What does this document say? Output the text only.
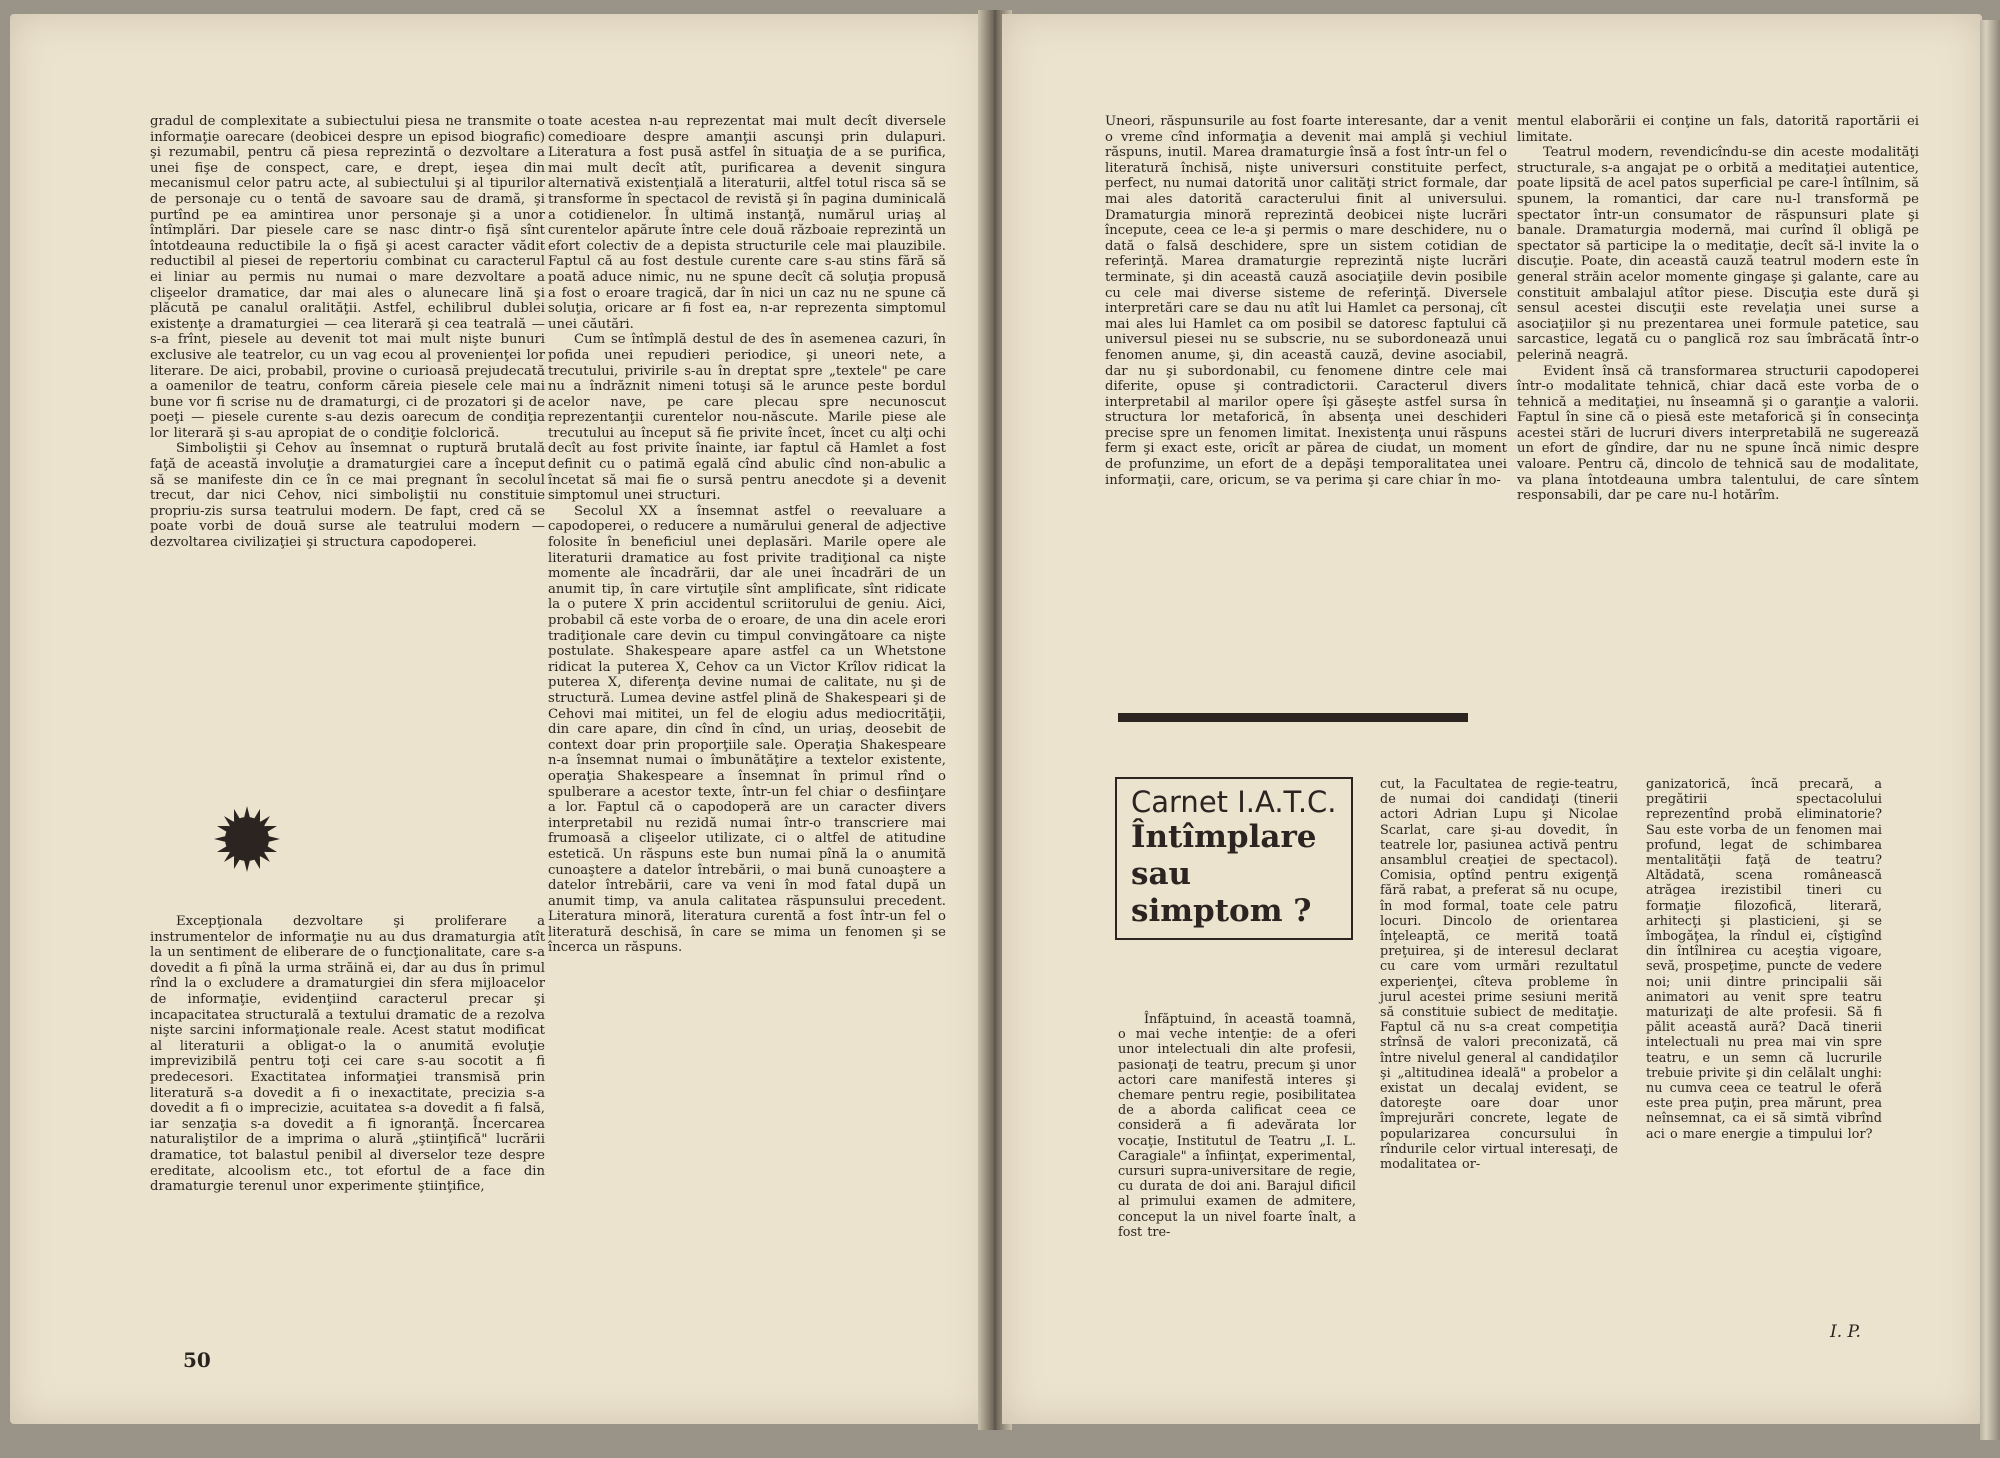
gradul de complexitate a subiectului piesa ne transmite o informaţie oarecare (deobicei despre un episod biografic) şi rezumabil, pentru că piesa reprezintă o dezvoltare a unei fişe de conspect, care, e drept, ieşea din mecanismul celor patru acte, al subiectului şi al tipurilor de personaje cu o tentă de savoare sau de dramă, şi purtînd pe ea amintirea unor personaje şi a unor întîmplări. Dar piesele care se nasc dintr-o fişă sînt întotdeauna reductibile la o fişă şi acest caracter vădit reductibil al piesei de repertoriu combinat cu caracterul ei liniar au permis nu numai o mare dezvoltare a clişeelor dramatice, dar mai ales o alunecare lină şi plăcută pe canalul oralităţii. Astfel, echilibrul dublei existenţe a dramaturgiei — cea literară şi cea teatrală — s-a frînt, piesele au devenit tot mai mult nişte bunuri exclusive ale teatrelor, cu un vag ecou al provenienţei lor literare. De aici, probabil, provine o curioasă prejudecată a oamenilor de teatru, conform căreia piesele cele mai bune vor fi scrise nu de dramaturgi, ci de prozatori şi de poeţi — piesele curente s-au dezis oarecum de condiţia lor literară şi s-au apropiat de o condiţie folclorică.

Simboliştii şi Cehov au însemnat o ruptură brutală faţă de această involuţie a dramaturgiei care a început să se manifeste din ce în ce mai pregnant în secolul trecut, dar nici Cehov, nici simboliştii nu constituie propriu-zis sursa teatrului modern. De fapt, cred că se poate vorbi de două surse ale teatrului modern — dezvoltarea civilizaţiei şi structura capodoperei.

Excepţionala dezvoltare şi proliferare a instrumentelor de informaţie nu au dus dramaturgia atît la un sentiment de eliberare de o funcţionalitate, care s-a dovedit a fi pînă la urma străină ei, dar au dus în primul rînd la o excludere a dramaturgiei din sfera mijloacelor de informaţie, evidenţiind caracterul precar şi incapacitatea structurală a textului dramatic de a rezolva nişte sarcini informaţionale reale. Acest statut modificat al literaturii a obligat-o la o anumită evoluţie imprevizibilă pentru toţi cei care s-au socotit a fi predecesori. Exactitatea informaţiei transmisă prin literatură s-a dovedit a fi o inexactitate, precizia s-a dovedit a fi o imprecizie, acuitatea s-a dovedit a fi falsă, iar senzaţia s-a dovedit a fi ignoranţă. Încercarea naturaliştilor de a imprima o alură „ştiinţifică" lucrării dramatice, tot balastul penibil al diverselor teze despre ereditate, alcoolism etc., tot efortul de a face din dramaturgie terenul unor experimente ştiinţifice,

toate acestea n-au reprezentat mai mult decît diversele comedioare despre amanţii ascunşi prin dulapuri. Literatura a fost pusă astfel în situaţia de a se purifica, mai mult decît atît, purificarea a devenit singura alternativă existenţială a literaturii, altfel totul risca să se transforme în spectacol de revistă şi în pagina duminicală a cotidienelor. În ultimă instanţă, numărul uriaş al curentelor apărute între cele două războaie reprezintă un efort colectiv de a depista structurile cele mai plauzibile. Faptul că au fost destule curente care s-au stins fără să poată aduce nimic, nu ne spune decît că soluţia propusă a fost o eroare tragică, dar în nici un caz nu ne spune că soluţia, oricare ar fi fost ea, n-ar reprezenta simptomul unei căutări.

Cum se întîmplă destul de des în asemenea cazuri, în pofida unei repudieri periodice, şi uneori nete, a trecutului, privirile s-au în dreptat spre „textele" pe care nu a îndrăznit nimeni totuşi să le arunce peste bordul acelor nave, pe care plecau spre necunoscut reprezentanţii curentelor nou-născute. Marile piese ale trecutului au început să fie privite încet, încet cu alţi ochi decît au fost privite înainte, iar faptul că Hamlet a fost definit cu o patimă egală cînd abulic cînd non-abulic a încetat să mai fie o sursă pentru anecdote şi a devenit simptomul unei structuri.

Secolul XX a însemnat astfel o reevaluare a capodoperei, o reducere a numărului general de adjective folosite în beneficiul unei deplasări. Marile opere ale literaturii dramatice au fost privite tradiţional ca nişte momente ale încadrării, dar ale unei încadrări de un anumit tip, în care virtuţile sînt amplificate, sînt ridicate la o putere X prin accidentul scriitorului de geniu. Aici, probabil că este vorba de o eroare, de una din acele erori tradiţionale care devin cu timpul convingătoare ca nişte postulate. Shakespeare apare astfel ca un Whetstone ridicat la puterea X, Cehov ca un Victor Krîlov ridicat la puterea X, diferenţa devine numai de calitate, nu şi de structură. Lumea devine astfel plină de Shakespeari şi de Cehovi mai mititei, un fel de elogiu adus mediocrităţii, din care apare, din cînd în cînd, un uriaş, deosebit de context doar prin proporţiile sale. Operaţia Shakespeare n-a însemnat numai o îmbunătăţire a textelor existente, operaţia Shakespeare a însemnat în primul rînd o spulberare a acestor texte, într-un fel chiar o desfiinţare a lor. Faptul că o capodoperă are un caracter divers interpretabil nu rezidă numai într-o transcriere mai frumoasă a clişeelor utilizate, ci o altfel de atitudine estetică. Un răspuns este bun numai pînă la o anumită cunoaştere a datelor întrebării, o mai bună cunoaştere a datelor întrebării, care va veni în mod fatal după un anumit timp, va anula calitatea răspunsului precedent. Literatura minoră, literatura curentă a fost într-un fel o literatură deschisă, în care se mima un fenomen şi se încerca un răspuns.

50

Uneori, răspunsurile au fost foarte interesante, dar a venit o vreme cînd informaţia a devenit mai amplă şi vechiul răspuns, inutil. Marea dramaturgie însă a fost într-un fel o literatură închisă, nişte universuri constituite perfect, perfect, nu numai datorită unor calităţi strict formale, dar mai ales datorită caracterului finit al universului. Dramaturgia minoră reprezintă deobicei nişte lucrări începute, ceea ce le-a şi permis o mare deschidere, nu o dată o falsă deschidere, spre un sistem cotidian de referinţă. Marea dramaturgie reprezintă nişte lucrări terminate, şi din această cauză asociaţiile devin posibile cu cele mai diverse sisteme de referinţă. Diversele interpretări care se dau nu atît lui Hamlet ca personaj, cît mai ales lui Hamlet ca om posibil se datoresc faptului că universul piesei nu se subscrie, nu se subordonează unui fenomen anume, şi, din această cauză, devine asociabil, dar nu şi subordonabil, cu fenomene dintre cele mai diferite, opuse şi contradictorii. Caracterul divers interpretabil al marilor opere îşi găseşte astfel sursa în structura lor metaforică, în absenţa unei deschideri precise spre un fenomen limitat. Inexistenţa unui răspuns ferm şi exact este, oricît ar părea de ciudat, un moment de profunzime, un efort de a depăşi temporalitatea unei informaţii, care, oricum, se va perima şi care chiar în mo-

mentul elaborării ei conţine un fals, datorită raportării ei limitate.

Teatrul modern, revendicîndu-se din aceste modalităţi structurale, s-a angajat pe o orbită a meditaţiei autentice, poate lipsită de acel patos superficial pe care-l întîlnim, să spunem, la romantici, dar care nu-l transformă pe spectator într-un consumator de răspunsuri plate şi banale. Dramaturgia modernă, mai curînd îl obligă pe spectator să participe la o meditaţie, decît să-l invite la o discuţie. Poate, din această cauză teatrul modern este în general străin acelor momente gingaşe şi galante, care au constituit ambalajul atîtor piese. Discuţia este dură şi sensul acestei discuţii este revelaţia unei surse a asociaţiilor şi nu prezentarea unei formule patetice, sau sarcastice, legată cu o panglică roz sau îmbrăcată într-o pelerină neagră.

Evident însă că transformarea structurii capodoperei într-o modalitate tehnică, chiar dacă este vorba de o tehnică a meditaţiei, nu înseamnă şi o garanţie a valorii. Faptul în sine că o piesă este metaforică şi în consecinţa acestei stări de lucruri divers interpretabilă ne sugerează un efort de gîndire, dar nu ne spune încă nimic despre valoare. Pentru că, dincolo de tehnică sau de modalitate, va plana întotdeauna umbra talentului, de care sîntem responsabili, dar pe care nu-l hotărîm.

Carnet I.A.T.C.
Întîmplare
sau
simptom ?

Înfăptuind, în această toamnă, o mai veche intenţie: de a oferi unor intelectuali din alte profesii, pasionaţi de teatru, precum şi unor actori care manifestă interes şi chemare pentru regie, posibilitatea de a aborda calificat ceea ce consideră a fi adevărata lor vocaţie, Institutul de Teatru „I. L. Caragiale" a înfiinţat, experimental, cursuri supra-universitare de regie, cu durata de doi ani. Barajul dificil al primului examen de admitere, conceput la un nivel foarte înalt, a fost tre-

cut, la Facultatea de regie-teatru, de numai doi candidaţi (tinerii actori Adrian Lupu şi Nicolae Scarlat, care şi-au dovedit, în teatrele lor, pasiunea activă pentru ansamblul creaţiei de spectacol). Comisia, optînd pentru exigenţă fără rabat, a preferat să nu ocupe, în mod formal, toate cele patru locuri. Dincolo de orientarea înţeleaptă, ce merită toată preţuirea, şi de interesul declarat cu care vom urmări rezultatul experienţei, cîteva probleme în jurul acestei prime sesiuni merită să constituie subiect de meditaţie. Faptul că nu s-a creat competiţia strînsă de valori preconizată, că între nivelul general al candidaţilor şi „altitudinea ideală" a probelor a existat un decalaj evident, se datoreşte oare doar unor împrejurări concrete, legate de popularizarea concursului în rîndurile celor virtual interesaţi, de modalitatea or-

ganizatorică, încă precară, a pregătirii spectacolului reprezentînd probă eliminatorie? Sau este vorba de un fenomen mai profund, legat de schimbarea mentalităţii faţă de teatru? Altădată, scena românească atrăgea irezistibil tineri cu formaţie filozofică, literară, arhitecţi şi plasticieni, şi se îmbogăţea, la rîndul ei, cîştigînd din întîlnirea cu aceştia vigoare, sevă, prospeţime, puncte de vedere noi; unii dintre principalii săi animatori au venit spre teatru maturizaţi de alte profesii. Să fi pălit această aură? Dacă tinerii intelectuali nu prea mai vin spre teatru, e un semn că lucrurile trebuie privite şi din celălalt unghi: nu cumva ceea ce teatrul le oferă este prea puţin, prea mărunt, prea neînsemnat, ca ei să simtă vibrînd aci o mare energie a timpului lor?

I. P.
